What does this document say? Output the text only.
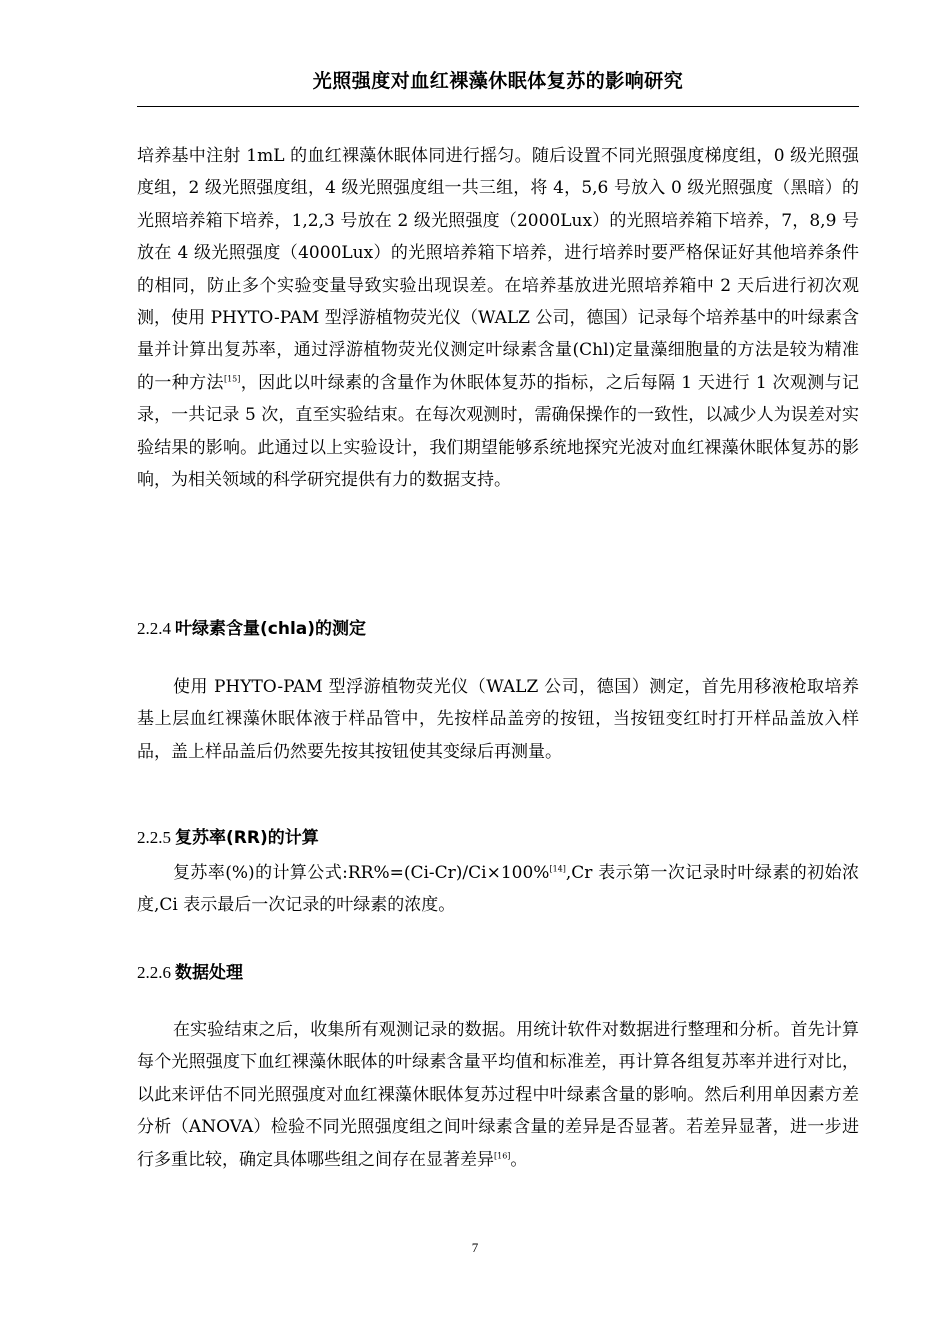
光照强度对血红裸藻休眠体复苏的影响研究

培养基中注射 1mL 的血红裸藻休眠体同进行摇匀。随后设置不同光照强度梯度组，0 级光照强度组，2 级光照强度组，4 级光照强度组一共三组，将 4，5,6 号放入 0 级光照强度（黑暗）的光照培养箱下培养，1,2,3 号放在 2 级光照强度（2000Lux）的光照培养箱下培养，7，8,9 号放在 4 级光照强度（4000Lux）的光照培养箱下培养，进行培养时要严格保证好其他培养条件的相同，防止多个实验变量导致实验出现误差。在培养基放进光照培养箱中 2 天后进行初次观测，使用 PHYTO-PAM 型浮游植物荧光仪（WALZ 公司，德国）记录每个培养基中的叶绿素含量并计算出复苏率，通过浮游植物荧光仪测定叶绿素含量(Chl)定量藻细胞量的方法是较为精准的一种方法[15]，因此以叶绿素的含量作为休眠体复苏的指标，之后每隔 1 天进行 1 次观测与记录，一共记录 5 次，直至实验结束。在每次观测时，需确保操作的一致性，以减少人为误差对实验结果的影响。此通过以上实验设计，我们期望能够系统地探究光波对血红裸藻休眠体复苏的影响，为相关领域的科学研究提供有力的数据支持。

2.2.4 叶绿素含量(chla)的测定

使用 PHYTO-PAM 型浮游植物荧光仪（WALZ 公司，德国）测定，首先用移液枪取培养基上层血红裸藻休眠体液于样品管中，先按样品盖旁的按钮，当按钮变红时打开样品盖放入样品，盖上样品盖后仍然要先按其按钮使其变绿后再测量。

2.2.5 复苏率(RR)的计算

复苏率(%)的计算公式:RR%=(Ci-Cr)/Ci×100%[14],Cr 表示第一次记录时叶绿素的初始浓度,Ci 表示最后一次记录的叶绿素的浓度。

2.2.6 数据处理

在实验结束之后，收集所有观测记录的数据。用统计软件对数据进行整理和分析。首先计算每个光照强度下血红裸藻休眠体的叶绿素含量平均值和标准差，再计算各组复苏率并进行对比，以此来评估不同光照强度对血红裸藻休眠体复苏过程中叶绿素含量的影响。然后利用单因素方差分析（ANOVA）检验不同光照强度组之间叶绿素含量的差异是否显著。若差异显著，进一步进行多重比较，确定具体哪些组之间存在显著差异[16]。

7
